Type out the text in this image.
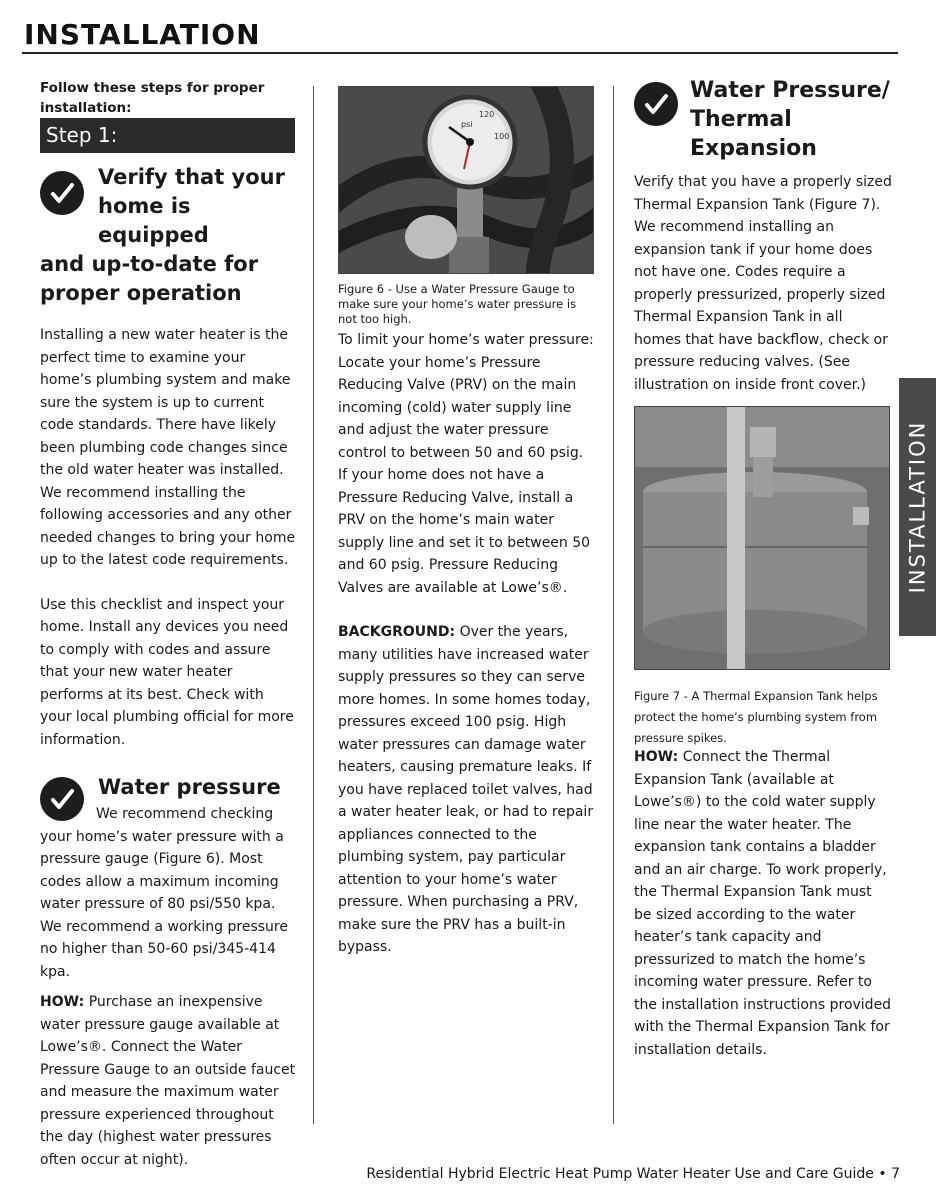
INSTALLATION

Follow these steps for proper installation:

Step 1:

Verify that your home is equipped

and up-to-date for proper operation

Installing a new water heater is the perfect time to examine your home’s plumbing system and make sure the system is up to current code standards. There have likely been plumbing code changes since the old water heater was installed. We recommend installing the following accessories and any other needed changes to bring your home up to the latest code requirements.

Use this checklist and inspect your home. Install any devices you need to comply with codes and assure that your new water heater performs at its best. Check with your local plumbing official for more information.

Water pressure

We recommend checking your home’s water pressure with a pressure gauge (Figure 6). Most codes allow a maximum incoming water pressure of 80 psi/550 kpa. We recommend a working pressure no higher than 50-60 psi/345-414 kpa.

HOW: Purchase an inexpensive water pressure gauge available at Lowe’s®. Connect the Water Pressure Gauge to an outside faucet and measure the maximum water pressure experienced throughout the day (highest water pressures often occur at night).

120
100
psi

Figure 6 - Use a Water Pressure Gauge to make sure your home’s water pressure is not too high.

To limit your home’s water pressure: Locate your home’s Pressure Reducing Valve (PRV) on the main incoming (cold) water supply line and adjust the water pressure control to between 50 and 60 psig. If your home does not have a Pressure Reducing Valve, install a PRV on the home’s main water supply line and set it to between 50 and 60 psig. Pressure Reducing Valves are available at Lowe’s®.

BACKGROUND: Over the years, many utilities have increased water supply pressures so they can serve more homes. In some homes today, pressures exceed 100 psig. High water pressures can damage water heaters, causing premature leaks. If you have replaced toilet valves, had a water heater leak, or had to repair appliances connected to the plumbing system, pay particular attention to your home’s water pressure. When purchasing a PRV, make sure the PRV has a built-in bypass.

Water Pressure/ Thermal Expansion

Verify that you have a properly sized Thermal Expansion Tank (Figure 7). We recommend installing an expansion tank if your home does not have one. Codes require a properly pressurized, properly sized Thermal Expansion Tank in all homes that have backflow, check or pressure reducing valves. (See illustration on inside front cover.)

Figure 7 - A Thermal Expansion Tank helps protect the home’s plumbing system from pressure spikes.

HOW: Connect the Thermal Expansion Tank (available at Lowe’s®) to the cold water supply line near the water heater. The expansion tank contains a bladder and an air charge. To work properly, the Thermal Expansion Tank must be sized according to the water heater’s tank capacity and pressurized to match the home’s incoming water pressure. Refer to the installation instructions provided with the Thermal Expansion Tank for installation details.

INSTALLATION
Residential Hybrid Electric Heat Pump Water Heater Use and Care Guide • 7
